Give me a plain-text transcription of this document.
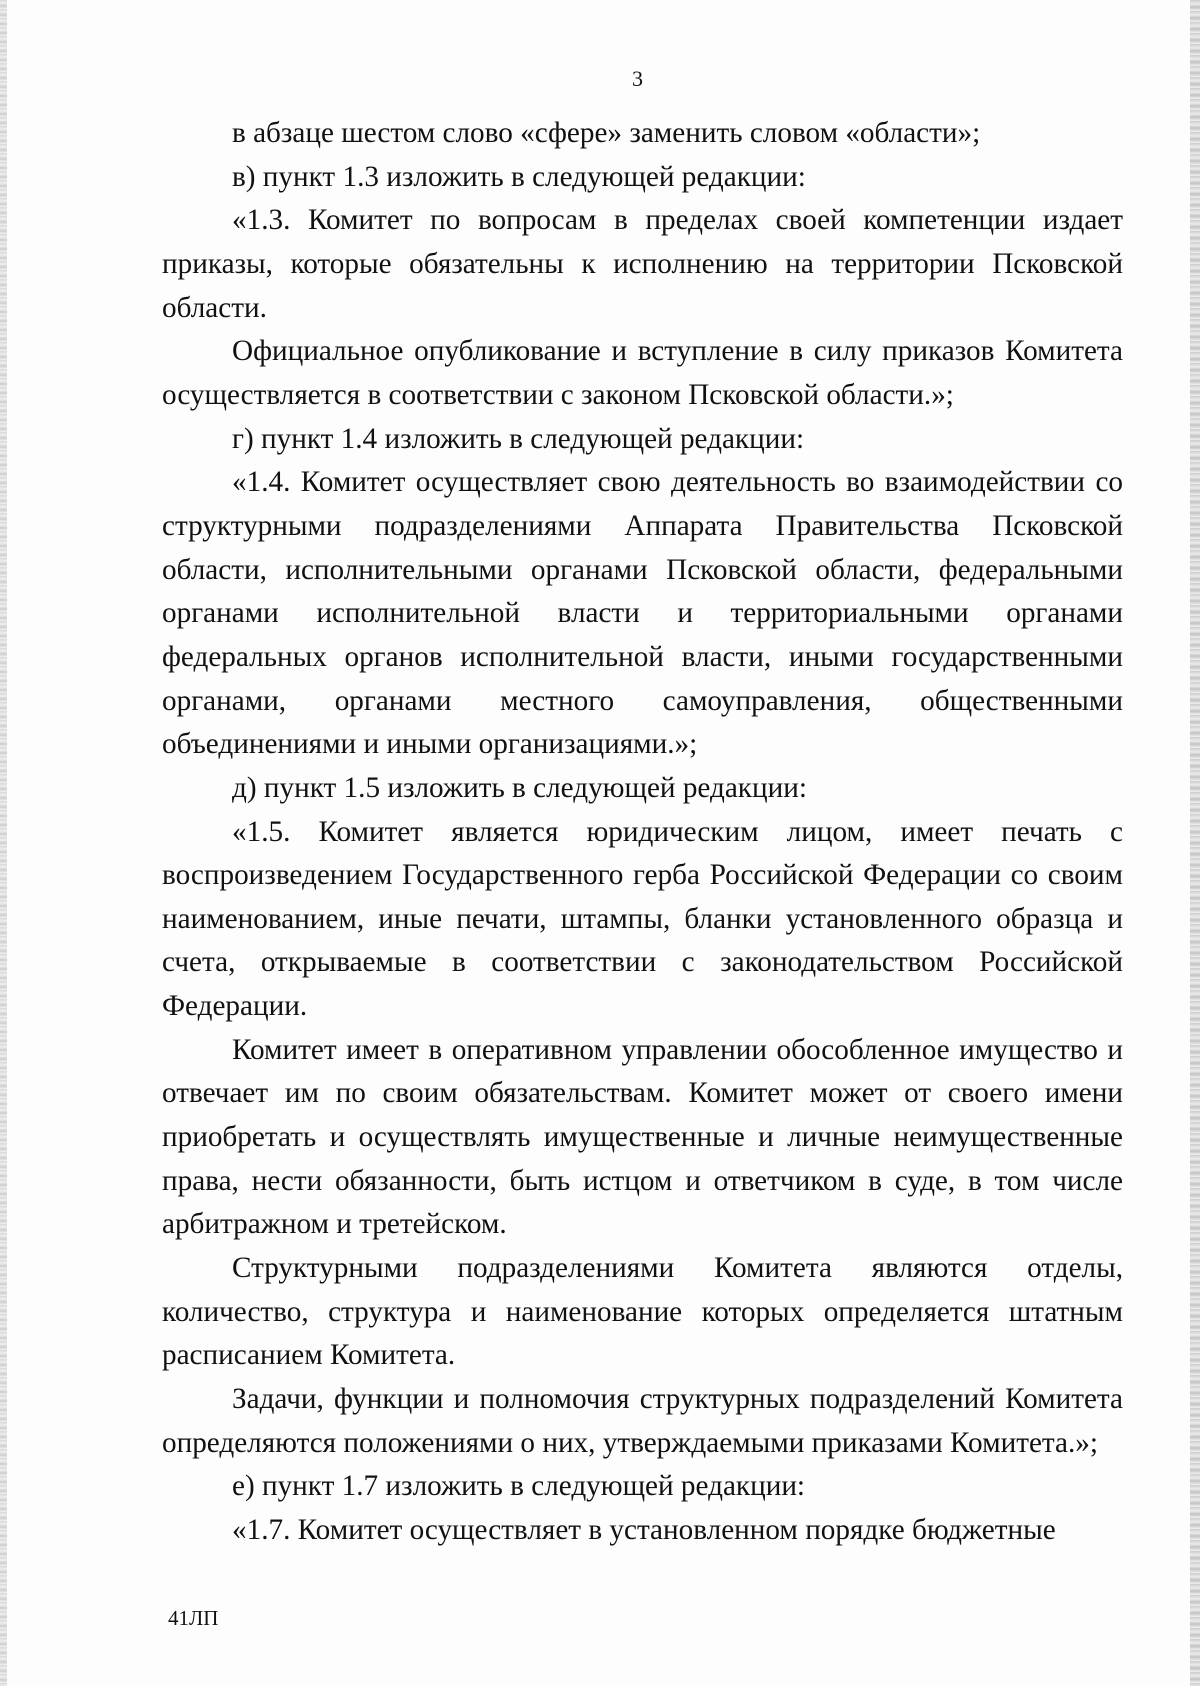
3

в абзаце шестом слово «сфере» заменить словом «области»;

в) пункт 1.3 изложить в следующей редакции:

«1.3. Комитет по вопросам в пределах своей компетенции издает приказы, которые обязательны к исполнению на территории Псковской области.

Официальное опубликование и вступление в силу приказов Комитета осуществляется в соответствии с законом Псковской области.»;

г) пункт 1.4 изложить в следующей редакции:

«1.4. Комитет осуществляет свою деятельность во взаимодействии со структурными подразделениями Аппарата Правительства Псковской области, исполнительными органами Псковской области, федеральными органами исполнительной власти и территориальными органами федеральных органов исполнительной власти, иными государственными органами, органами местного самоуправления, общественными объединениями и иными организациями.»;

д) пункт 1.5 изложить в следующей редакции:

«1.5. Комитет является юридическим лицом, имеет печать с воспроизведением Государственного герба Российской Федерации со своим наименованием, иные печати, штампы, бланки установленного образца и счета, открываемые в соответствии с законодательством Российской Федерации.

Комитет имеет в оперативном управлении обособленное имущество и отвечает им по своим обязательствам. Комитет может от своего имени приобретать и осуществлять имущественные и личные неимущественные права, нести обязанности, быть истцом и ответчиком в суде, в том числе арбитражном и третейском.

Структурными подразделениями Комитета являются отделы, количество, структура и наименование которых определяется штатным расписанием Комитета.

Задачи, функции и полномочия структурных подразделений Комитета определяются положениями о них, утверждаемыми приказами Комитета.»;

е) пункт 1.7 изложить в следующей редакции:

«1.7. Комитет осуществляет в установленном порядке бюджетные

41ЛП
